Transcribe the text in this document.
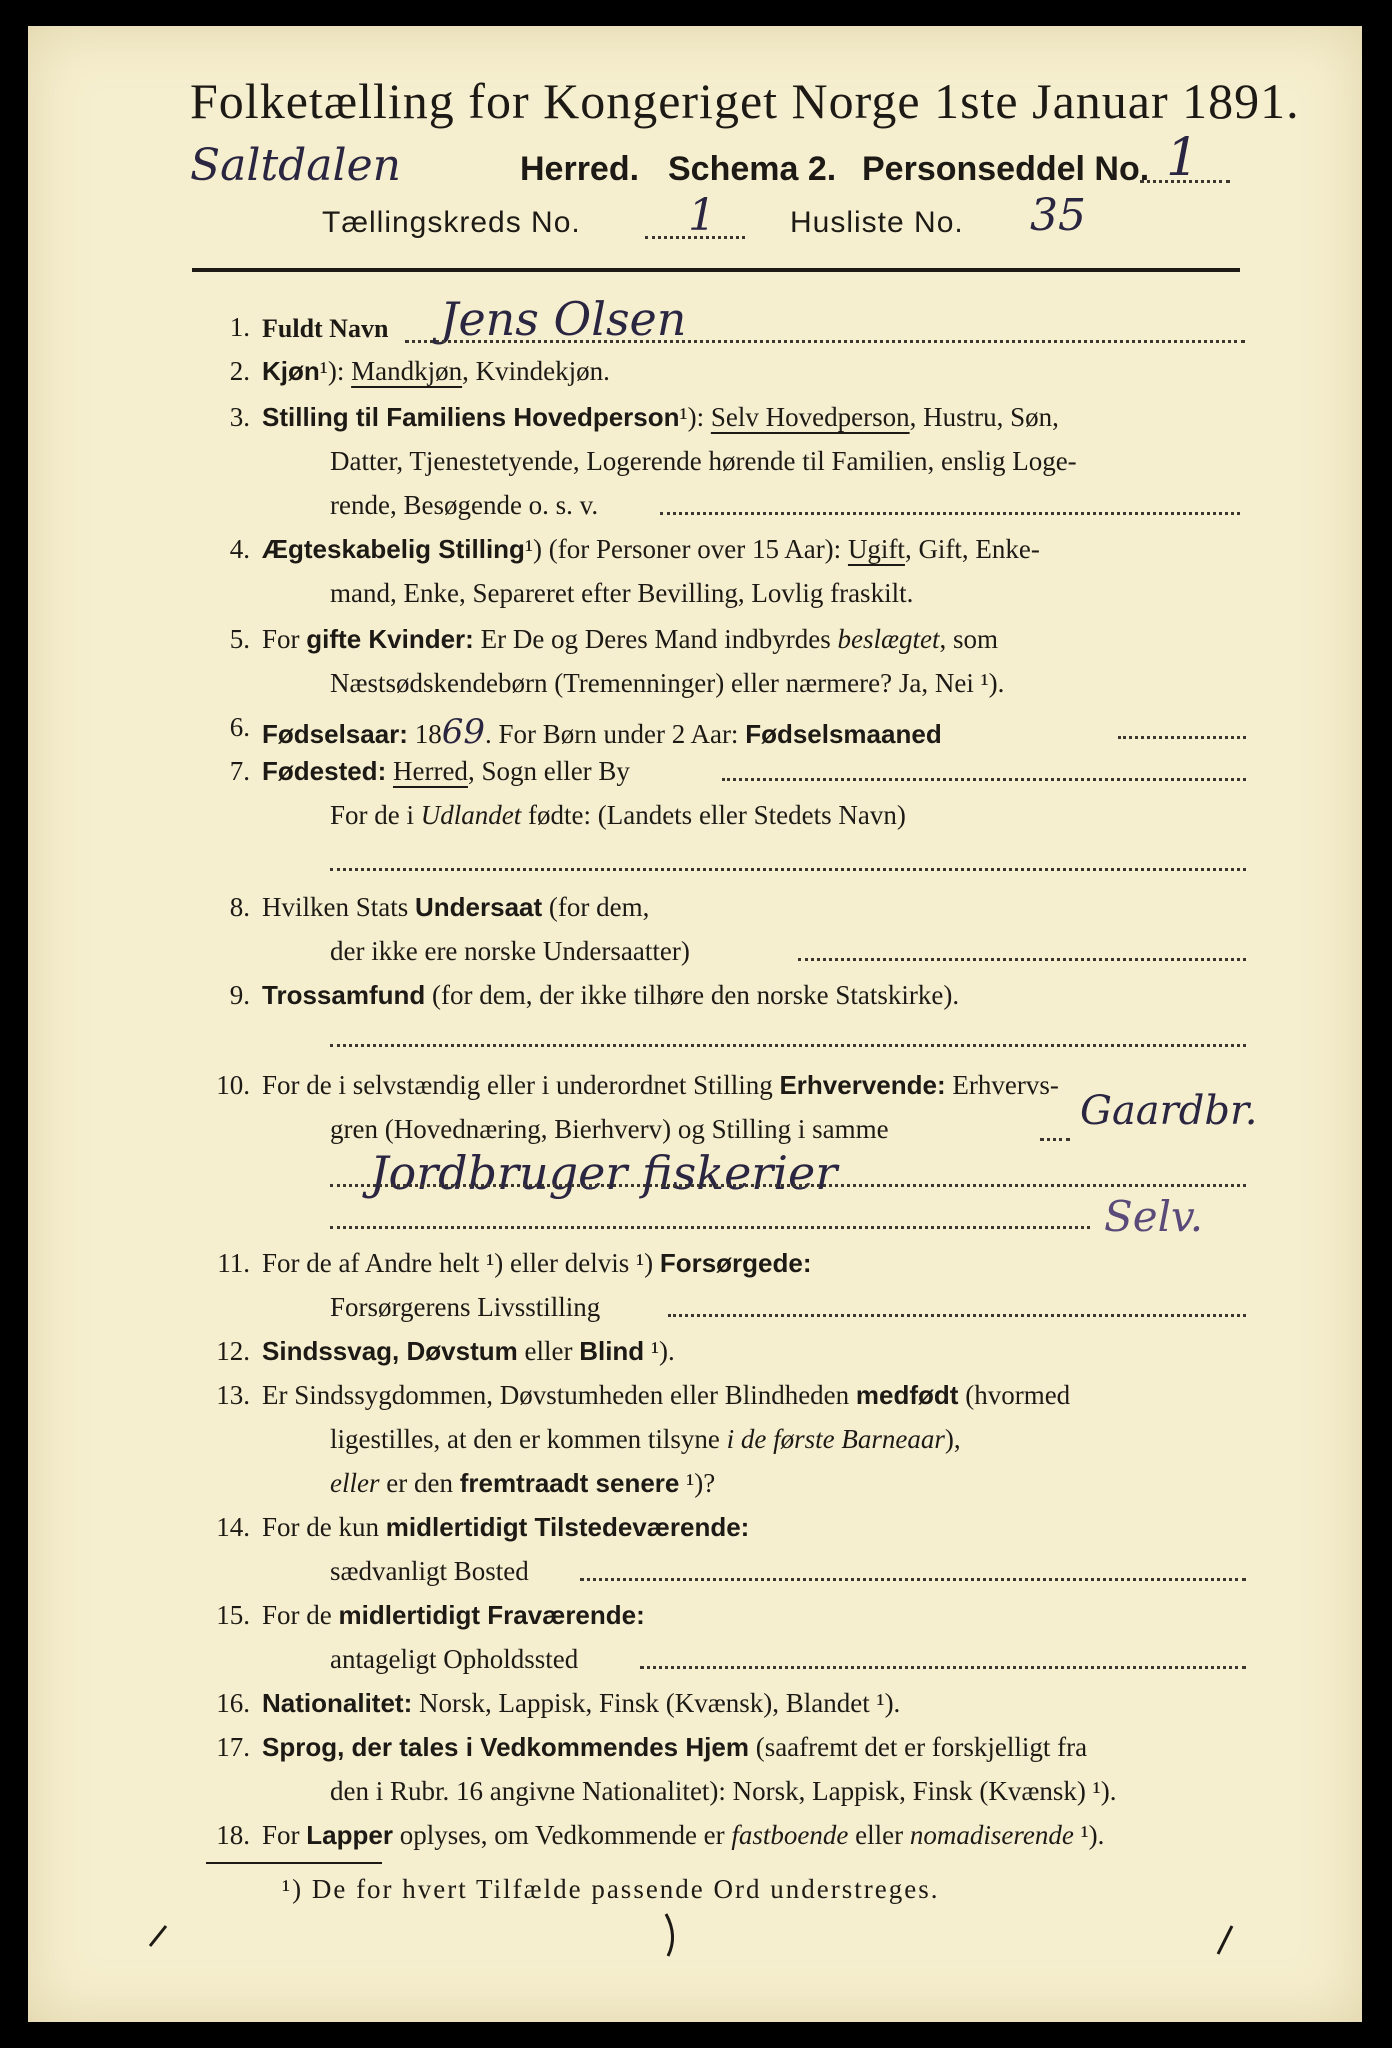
Folketælling for Kongeriget Norge 1ste Januar 1891.
Saltdalen	Herred. Schema 2. Personseddel No. 1
Tællingskreds No. 1 Husliste No. 35
1. Fuldt Navn Jens Olsen
2. Kjøn¹): Mandkjøn, Kvindekjøn.
3. Stilling til Familiens Hovedperson¹): Selv Hovedperson, Hustru, Søn,
Datter, Tjenestetyende, Logerende hørende til Familien, enslig Loge-
rende, Besøgende o. s. v.
4. Ægteskabelig Stilling¹) (for Personer over 15 Aar): Ugift, Gift, Enke-
mand, Enke, Separeret efter Bevilling, Lovlig fraskilt.
5. For gifte Kvinder: Er De og Deres Mand indbyrdes beslægtet, som
Næstsødskendebørn (Tremenninger) eller nærmere? Ja, Nei ¹).
6. Fødselsaar: 1869. For Børn under 2 Aar: Fødselsmaaned
7. Fødested: Herred, Sogn eller By
For de i Udlandet fødte: (Landets eller Stedets Navn)
8. Hvilken Stats Undersaat (for dem,
der ikke ere norske Undersaatter)
9. Trossamfund (for dem, der ikke tilhøre den norske Statskirke).
10. For de i selvstændig eller i underordnet Stilling Erhvervende: Erhvervs-
gren (Hovednæring, Bierhverv) og Stilling i samme	Gaardbr.
Jordbruger fiskerier
Selv.
11. For de af Andre helt ¹) eller delvis ¹) Forsørgede:
Forsørgerens Livsstilling
12. Sindssvag, Døvstum eller Blind ¹).
13. Er Sindssygdommen, Døvstumheden eller Blindheden medfødt (hvormed
ligestilles, at den er kommen tilsyne i de første Barneaar),
eller er den fremtraadt senere ¹)?
14. For de kun midlertidigt Tilstedeværende:
sædvanligt Bosted
15. For de midlertidigt Fraværende:
antageligt Opholdssted
16. Nationalitet: Norsk, Lappisk, Finsk (Kvænsk), Blandet ¹).
17. Sprog, der tales i Vedkommendes Hjem (saafremt det er forskjelligt fra
den i Rubr. 16 angivne Nationalitet): Norsk, Lappisk, Finsk (Kvænsk) ¹).
18. For Lapper oplyses, om Vedkommende er fastboende eller nomadiserende ¹).
¹) De for hvert Tilfælde passende Ord understreges.
